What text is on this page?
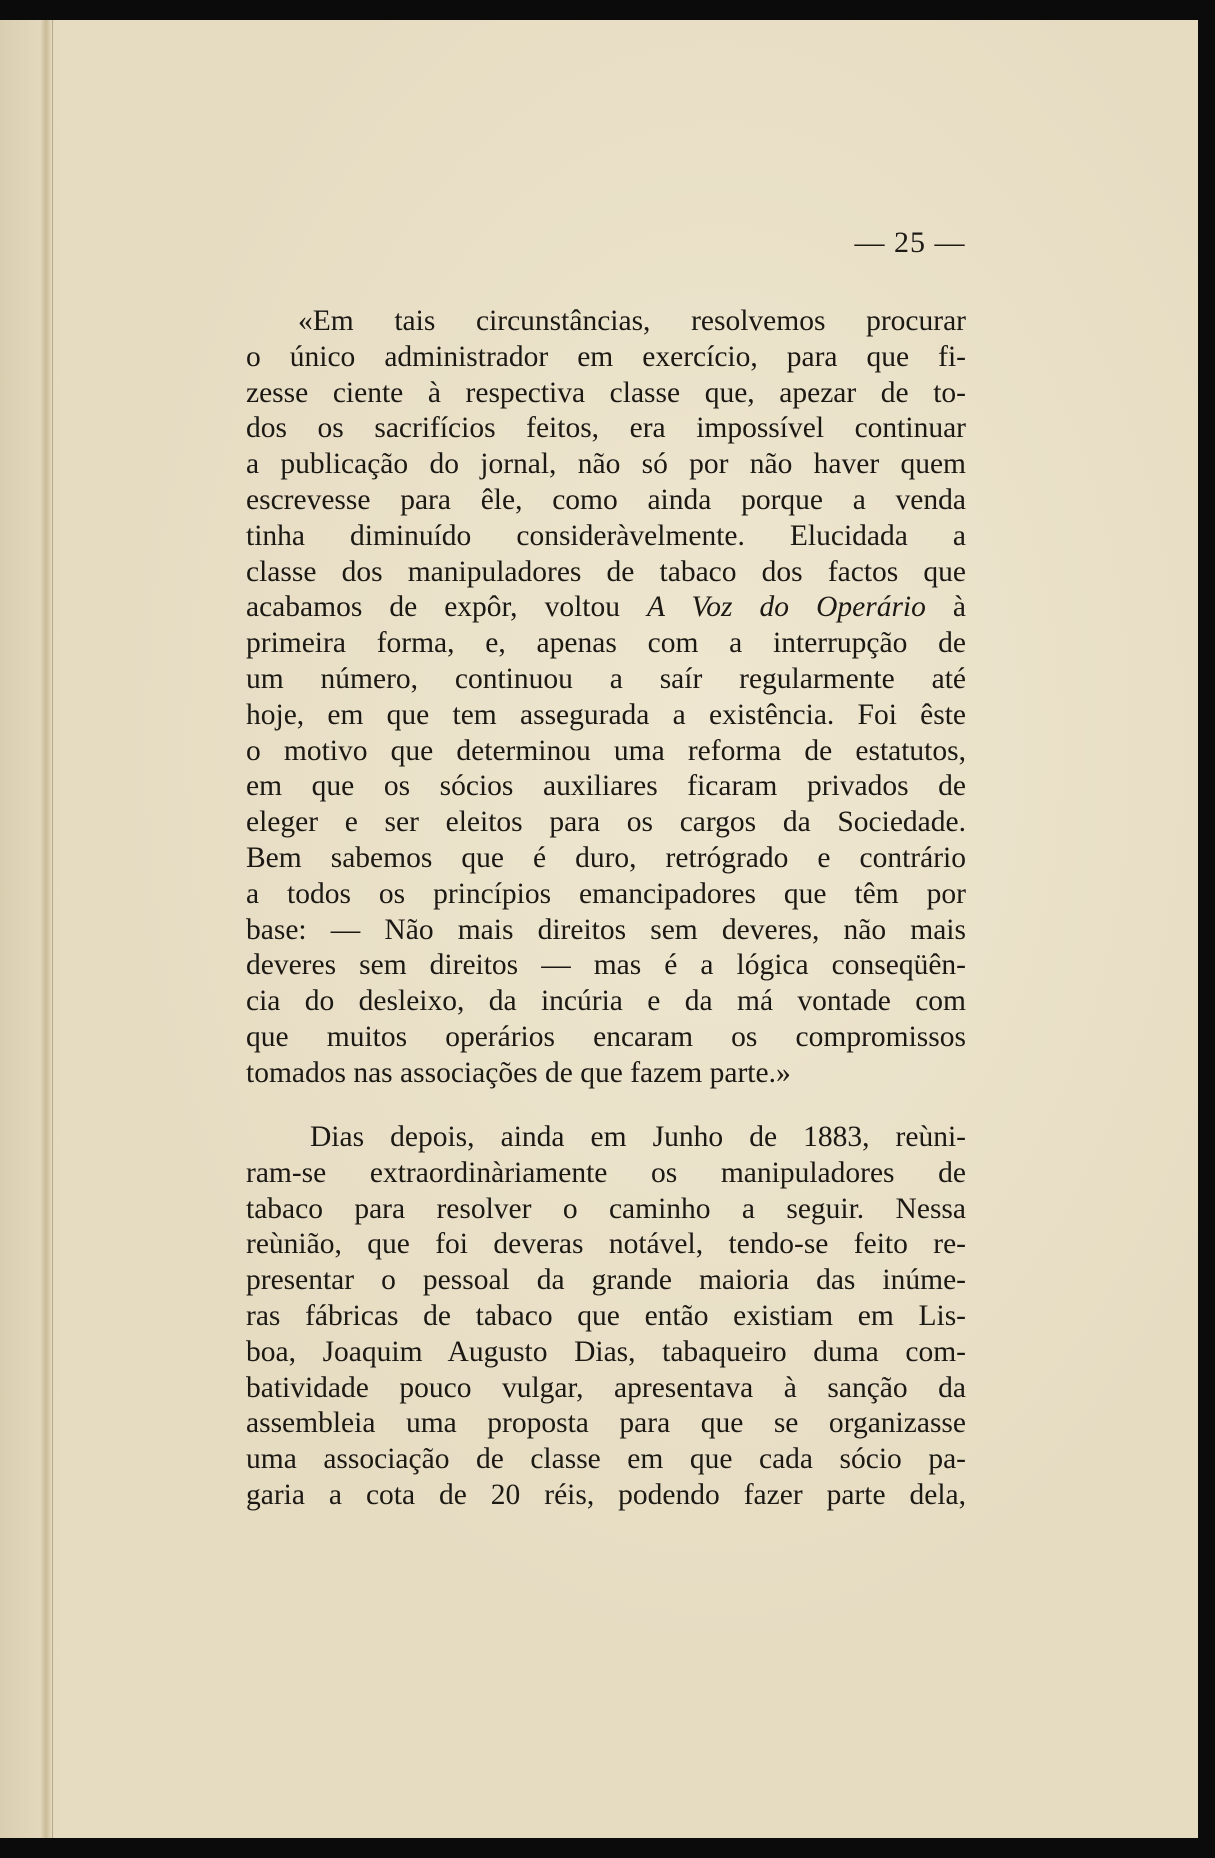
— 25 —
«Em tais circunstâncias, resolvemos procurar
o único administrador em exercício, para que fi-
zesse ciente à respectiva classe que, apezar de to-
dos os sacrifícios feitos, era impossível continuar
a publicação do jornal, não só por não haver quem
escrevesse para êle, como ainda porque a venda
tinha diminuído consideràvelmente. Elucidada a
classe dos manipuladores de tabaco dos factos que
acabamos de expôr, voltou A Voz do Operário à
primeira forma, e, apenas com a interrupção de
um número, continuou a saír regularmente até
hoje, em que tem assegurada a existência. Foi êste
o motivo que determinou uma reforma de estatutos,
em que os sócios auxiliares ficaram privados de
eleger e ser eleitos para os cargos da Sociedade.
Bem sabemos que é duro, retrógrado e contrário
a todos os princípios emancipadores que têm por
base: — Não mais direitos sem deveres, não mais
deveres sem direitos — mas é a lógica conseqüên-
cia do desleixo, da incúria e da má vontade com
que muitos operários encaram os compromissos
tomados nas associações de que fazem parte.»
Dias depois, ainda em Junho de 1883, reùni-
ram-se extraordinàriamente os manipuladores de
tabaco para resolver o caminho a seguir. Nessa
reùnião, que foi deveras notável, tendo-se feito re-
presentar o pessoal da grande maioria das inúme-
ras fábricas de tabaco que então existiam em Lis-
boa, Joaquim Augusto Dias, tabaqueiro duma com-
batividade pouco vulgar, apresentava à sanção da
assembleia uma proposta para que se organizasse
uma associação de classe em que cada sócio pa-
garia a cota de 20 réis, podendo fazer parte dela,
